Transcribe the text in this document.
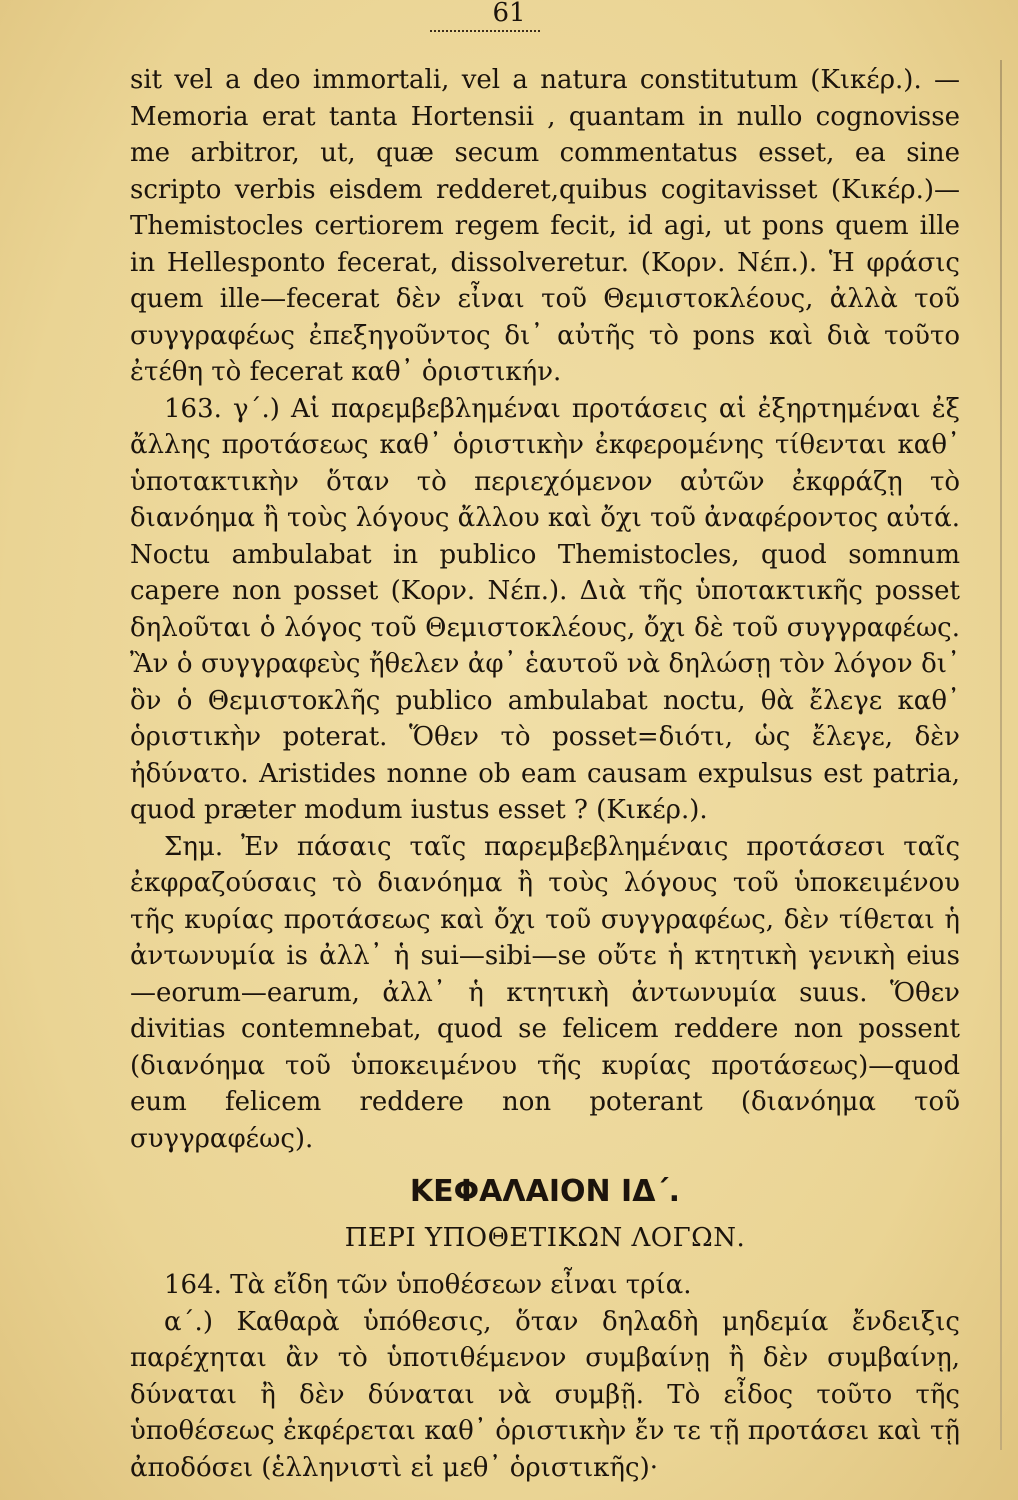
61

sit vel a deo immortali, vel a natura constitutum (Κικέρ.). — Memoria erat tanta Hortensii , quantam in nullo cognovisse me arbitror, ut, quæ secum commentatus esset, ea sine scripto verbis eisdem redderet,quibus cogitavisset (Κικέρ.)—Themistocles certiorem regem fecit, id agi, ut pons quem ille in Hellesponto fecerat, dissolveretur. (Κορν. Νέπ.). Ἡ φράσις quem ille—fecerat δὲν εἶναι τοῦ Θεμιστοκλέους, ἀλλὰ τοῦ συγγραφέως ἐπεξηγοῦντος δι᾽ αὐτῆς τὸ pons καὶ διὰ τοῦτο ἐτέθη τὸ fecerat καθ᾽ ὁριστικήν.

163. γ΄.) Αἱ παρεμβεβλημέναι προτάσεις αἱ ἐξηρτημέναι ἐξ ἄλλης προτάσεως καθ᾽ ὁριστικὴν ἐκφερομένης τίθενται καθ᾽ ὑποτακτικὴν ὅταν τὸ περιεχόμενον αὐτῶν ἐκφράζῃ τὸ διανόημα ἢ τοὺς λόγους ἄλλου καὶ ὄχι τοῦ ἀναφέροντος αὐτά. Noctu ambulabat in publico Themistocles, quod somnum capere non posset (Κορν. Νέπ.). Διὰ τῆς ὑποτακτικῆς posset δηλοῦται ὁ λόγος τοῦ Θεμιστοκλέους, ὄχι δὲ τοῦ συγγραφέως. Ἂν ὁ συγγραφεὺς ἤθελεν ἀφ᾽ ἑαυτοῦ νὰ δηλώσῃ τὸν λόγον δι᾽ ὃν ὁ Θεμιστοκλῆς publico ambulabat noctu, θὰ ἔλεγε καθ᾽ ὁριστικὴν poterat. Ὅθεν τὸ posset=διότι, ὡς ἔλεγε, δὲν ἠδύνατο. Aristides nonne ob eam causam expulsus est patria, quod præter modum iustus esset ? (Κικέρ.).

Σημ. Ἐν πάσαις ταῖς παρεμβεβλημέναις προτάσεσι ταῖς ἐκφραζούσαις τὸ διανόημα ἢ τοὺς λόγους τοῦ ὑποκειμένου τῆς κυρίας προτάσεως καὶ ὄχι τοῦ συγγραφέως, δὲν τίθεται ἡ ἀντωνυμία is ἀλλ᾽ ἡ sui—sibi—se οὔτε ἡ κτητικὴ γενικὴ eius—eorum—earum, ἀλλ᾽ ἡ κτητικὴ ἀντωνυμία suus. Ὅθεν divitias contemnebat, quod se felicem reddere non possent (διανόημα τοῦ ὑποκειμένου τῆς κυρίας προτάσεως)—quod eum felicem reddere non poterant (διανόημα τοῦ συγγραφέως).

ΚΕΦΑΛΑΙΟΝ ΙΔ΄.
ΠΕΡΙ ΥΠΟΘΕΤΙΚΩΝ ΛΟΓΩΝ.

164. Τὰ εἴδη τῶν ὑποθέσεων εἶναι τρία.

α΄.) Καθαρὰ ὑπόθεσις, ὅταν δηλαδὴ μηδεμία ἔνδειξις παρέχηται ἂν τὸ ὑποτιθέμενον συμβαίνῃ ἢ δὲν συμβαίνῃ, δύναται ἢ δὲν δύναται νὰ συμβῇ. Τὸ εἶδος τοῦτο τῆς ὑποθέσεως ἐκφέρεται καθ᾽ ὁριστικὴν ἔν τε τῇ προτάσει καὶ τῇ ἀποδόσει (ἑλληνιστὶ εἰ μεθ᾽ ὁριστικῆς)·
